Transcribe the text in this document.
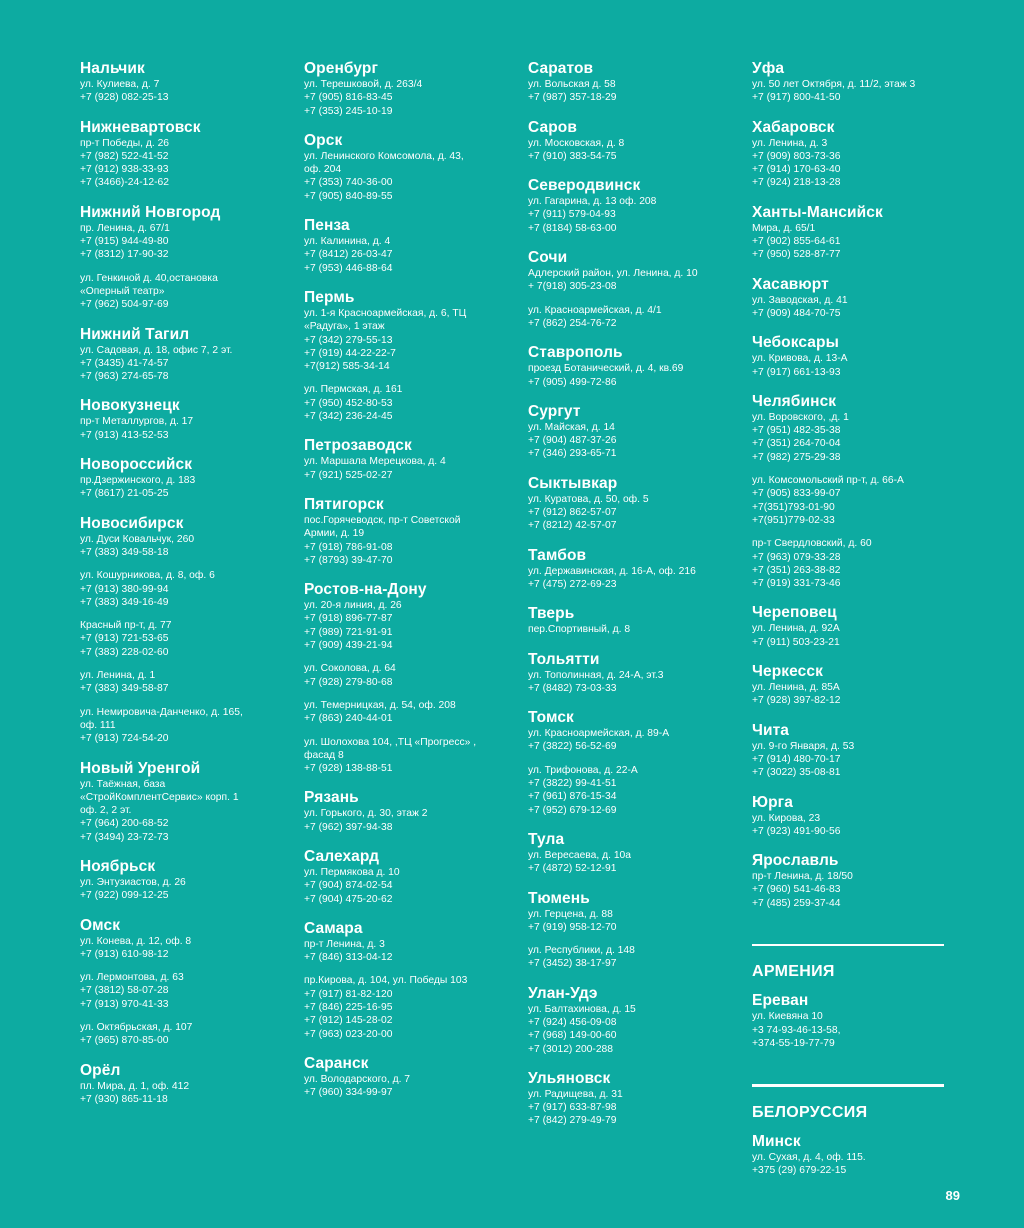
Нальчик
ул. Кулиева, д. 7
+7 (928) 082-25-13
Нижневартовск
пр-т Победы, д. 26
+7 (982) 522-41-52
+7 (912) 938-33-93
+7 (3466)-24-12-62
Нижний Новгород
пр. Ленина, д. 67/1
+7 (915) 944-49-80
+7 (8312) 17-90-32
ул. Генкиной д. 40,остановка
«Оперный театр»
+7 (962) 504-97-69
Нижний Тагил
ул. Садовая, д. 18, офис 7, 2 эт.
+7 (3435) 41-74-57
+7 (963) 274-65-78
Новокузнецк
пр-т Металлургов, д. 17
+7 (913) 413-52-53
Новороссийск
пр.Дзержинского, д. 183
+7 (8617) 21-05-25
Новосибирск
ул. Дуси Ковальчук, 260
+7 (383) 349-58-18
ул. Кошурникова, д. 8, оф. 6
+7 (913) 380-99-94
+7 (383) 349-16-49
Красный пр-т, д. 77
+7 (913) 721-53-65
+7 (383) 228-02-60
ул. Ленина, д. 1
+7 (383) 349-58-87
ул. Немировича-Данченко, д. 165,
оф. 111
+7 (913) 724-54-20
Новый Уренгой
ул. Таёжная, база
«СтройКомплентСервис» корп. 1
оф. 2, 2 эт.
+7 (964) 200-68-52
+7 (3494) 23-72-73
Ноябрьск
ул. Энтузиастов, д. 26
+7 (922) 099-12-25
Омск
ул. Конева, д. 12, оф. 8
+7 (913) 610-98-12
ул. Лермонтова, д. 63
+7 (3812) 58-07-28
+7 (913) 970-41-33
ул. Октябрьская, д. 107
+7 (965) 870-85-00
Орёл
пл. Мира, д. 1, оф. 412
+7 (930) 865-11-18
Оренбург
ул. Терешковой, д. 263/4
+7 (905) 816-83-45
+7 (353) 245-10-19
Орск
ул. Ленинского Комсомола, д. 43,
оф. 204
+7 (353) 740-36-00
+7 (905) 840-89-55
Пенза
ул. Калинина, д. 4
+7 (8412) 26-03-47
+7 (953) 446-88-64
Пермь
ул. 1-я Красноармейская, д. 6, ТЦ
«Радуга», 1 этаж
+7 (342) 279-55-13
+7 (919) 44-22-22-7
+7(912) 585-34-14
ул. Пермская, д. 161
+7 (950) 452-80-53
+7 (342) 236-24-45
Петрозаводск
ул. Маршала Мерецкова, д. 4
+7 (921) 525-02-27
Пятигорск
пос.Горячеводск, пр-т Советской
Армии, д. 19
+7 (918) 786-91-08
+7 (8793) 39-47-70
Ростов-на-Дону
ул. 20-я линия, д. 26
+7 (918) 896-77-87
+7 (989) 721-91-91
+7 (909) 439-21-94
ул. Соколова, д. 64
+7 (928) 279-80-68
ул. Темерницкая, д. 54, оф. 208
+7 (863) 240-44-01
ул. Шолохова 104, ,ТЦ «Прогресс» ,
фасад 8
+7 (928) 138-88-51
Рязань
ул. Горького, д. 30, этаж 2
+7 (962) 397-94-38
Салехард
ул. Пермякова д. 10
+7 (904) 874-02-54
+7 (904) 475-20-62
Самара
пр-т Ленина, д. 3
+7 (846) 313-04-12
пр.Кирова, д. 104, ул. Победы 103
+7 (917) 81-82-120
+7 (846) 225-16-95
+7 (912) 145-28-02
+7 (963) 023-20-00
Саранск
ул. Володарского, д. 7
+7 (960) 334-99-97
Саратов
ул. Вольская д. 58
+7 (987) 357-18-29
Саров
ул. Московская, д. 8
+7 (910) 383-54-75
Северодвинск
ул. Гагарина, д. 13 оф. 208
+7 (911) 579-04-93
+7 (8184) 58-63-00
Сочи
Адлерский район, ул. Ленина, д. 10
+ 7(918) 305-23-08
ул. Красноармейская, д. 4/1
+7 (862) 254-76-72
Ставрополь
проезд Ботанический, д. 4, кв.69
+7 (905) 499-72-86
Сургут
ул. Майская, д. 14
+7 (904) 487-37-26
+7 (346) 293-65-71
Сыктывкар
ул. Куратова, д. 50, оф. 5
+7 (912) 862-57-07
+7 (8212) 42-57-07
Тамбов
ул. Державинская, д. 16-А, оф. 216
+7 (475) 272-69-23
Тверь
пер.Спортивный, д. 8
Тольятти
ул. Тополинная, д. 24-А, эт.3
+7 (8482) 73-03-33
Томск
ул. Красноармейская, д. 89-А
+7 (3822) 56-52-69
ул. Трифонова, д. 22-А
+7 (3822) 99-41-51
+7 (961) 876-15-34
+7 (952) 679-12-69
Тула
ул. Вересаева, д. 10а
+7 (4872) 52-12-91
Тюмень
ул. Герцена, д. 88
+7 (919) 958-12-70
ул. Республики, д. 148
+7 (3452) 38-17-97
Улан-Удэ
ул. Балтахинова, д. 15
+7 (924) 456-09-08
+7 (968) 149-00-60
+7 (3012) 200-288
Ульяновск
ул. Радищева, д. 31
+7 (917) 633-87-98
+7 (842) 279-49-79
Уфа
ул. 50 лет Октября, д. 11/2, этаж 3
+7 (917) 800-41-50
Хабаровск
ул. Ленина, д. 3
+7 (909) 803-73-36
+7 (914) 170-63-40
+7 (924) 218-13-28
Ханты-Мансийск
Мира, д. 65/1
+7 (902) 855-64-61
+7 (950) 528-87-77
Хасавюрт
ул. Заводская, д. 41
+7 (909) 484-70-75
Чебоксары
ул. Кривова, д. 13-А
+7 (917) 661-13-93
Челябинск
ул. Воровского, ,д. 1
+7 (951) 482-35-38
+7 (351) 264-70-04
+7 (982) 275-29-38
ул. Комсомольский пр-т, д. 66-А
+7 (905) 833-99-07
+7(351)793-01-90
+7(951)779-02-33
пр-т Свердловский, д. 60
+7 (963) 079-33-28
+7 (351) 263-38-82
+7 (919) 331-73-46
Череповец
ул. Ленина, д. 92А
+7 (911) 503-23-21
Черкесск
ул. Ленина, д. 85А
+7 (928) 397-82-12
Чита
ул. 9-го Января, д. 53
+7 (914) 480-70-17
+7 (3022) 35-08-81
Юрга
ул. Кирова, 23
+7 (923) 491-90-56
Ярославль
пр-т Ленина, д. 18/50
+7 (960) 541-46-83
+7 (485) 259-37-44
АРМЕНИЯ
Ереван
ул. Киевяна 10
+3 74-93-46-13-58,
+374-55-19-77-79
БЕЛОРУССИЯ
Минск
ул. Сухая, д. 4, оф. 115.
+375 (29) 679-22-15
89
